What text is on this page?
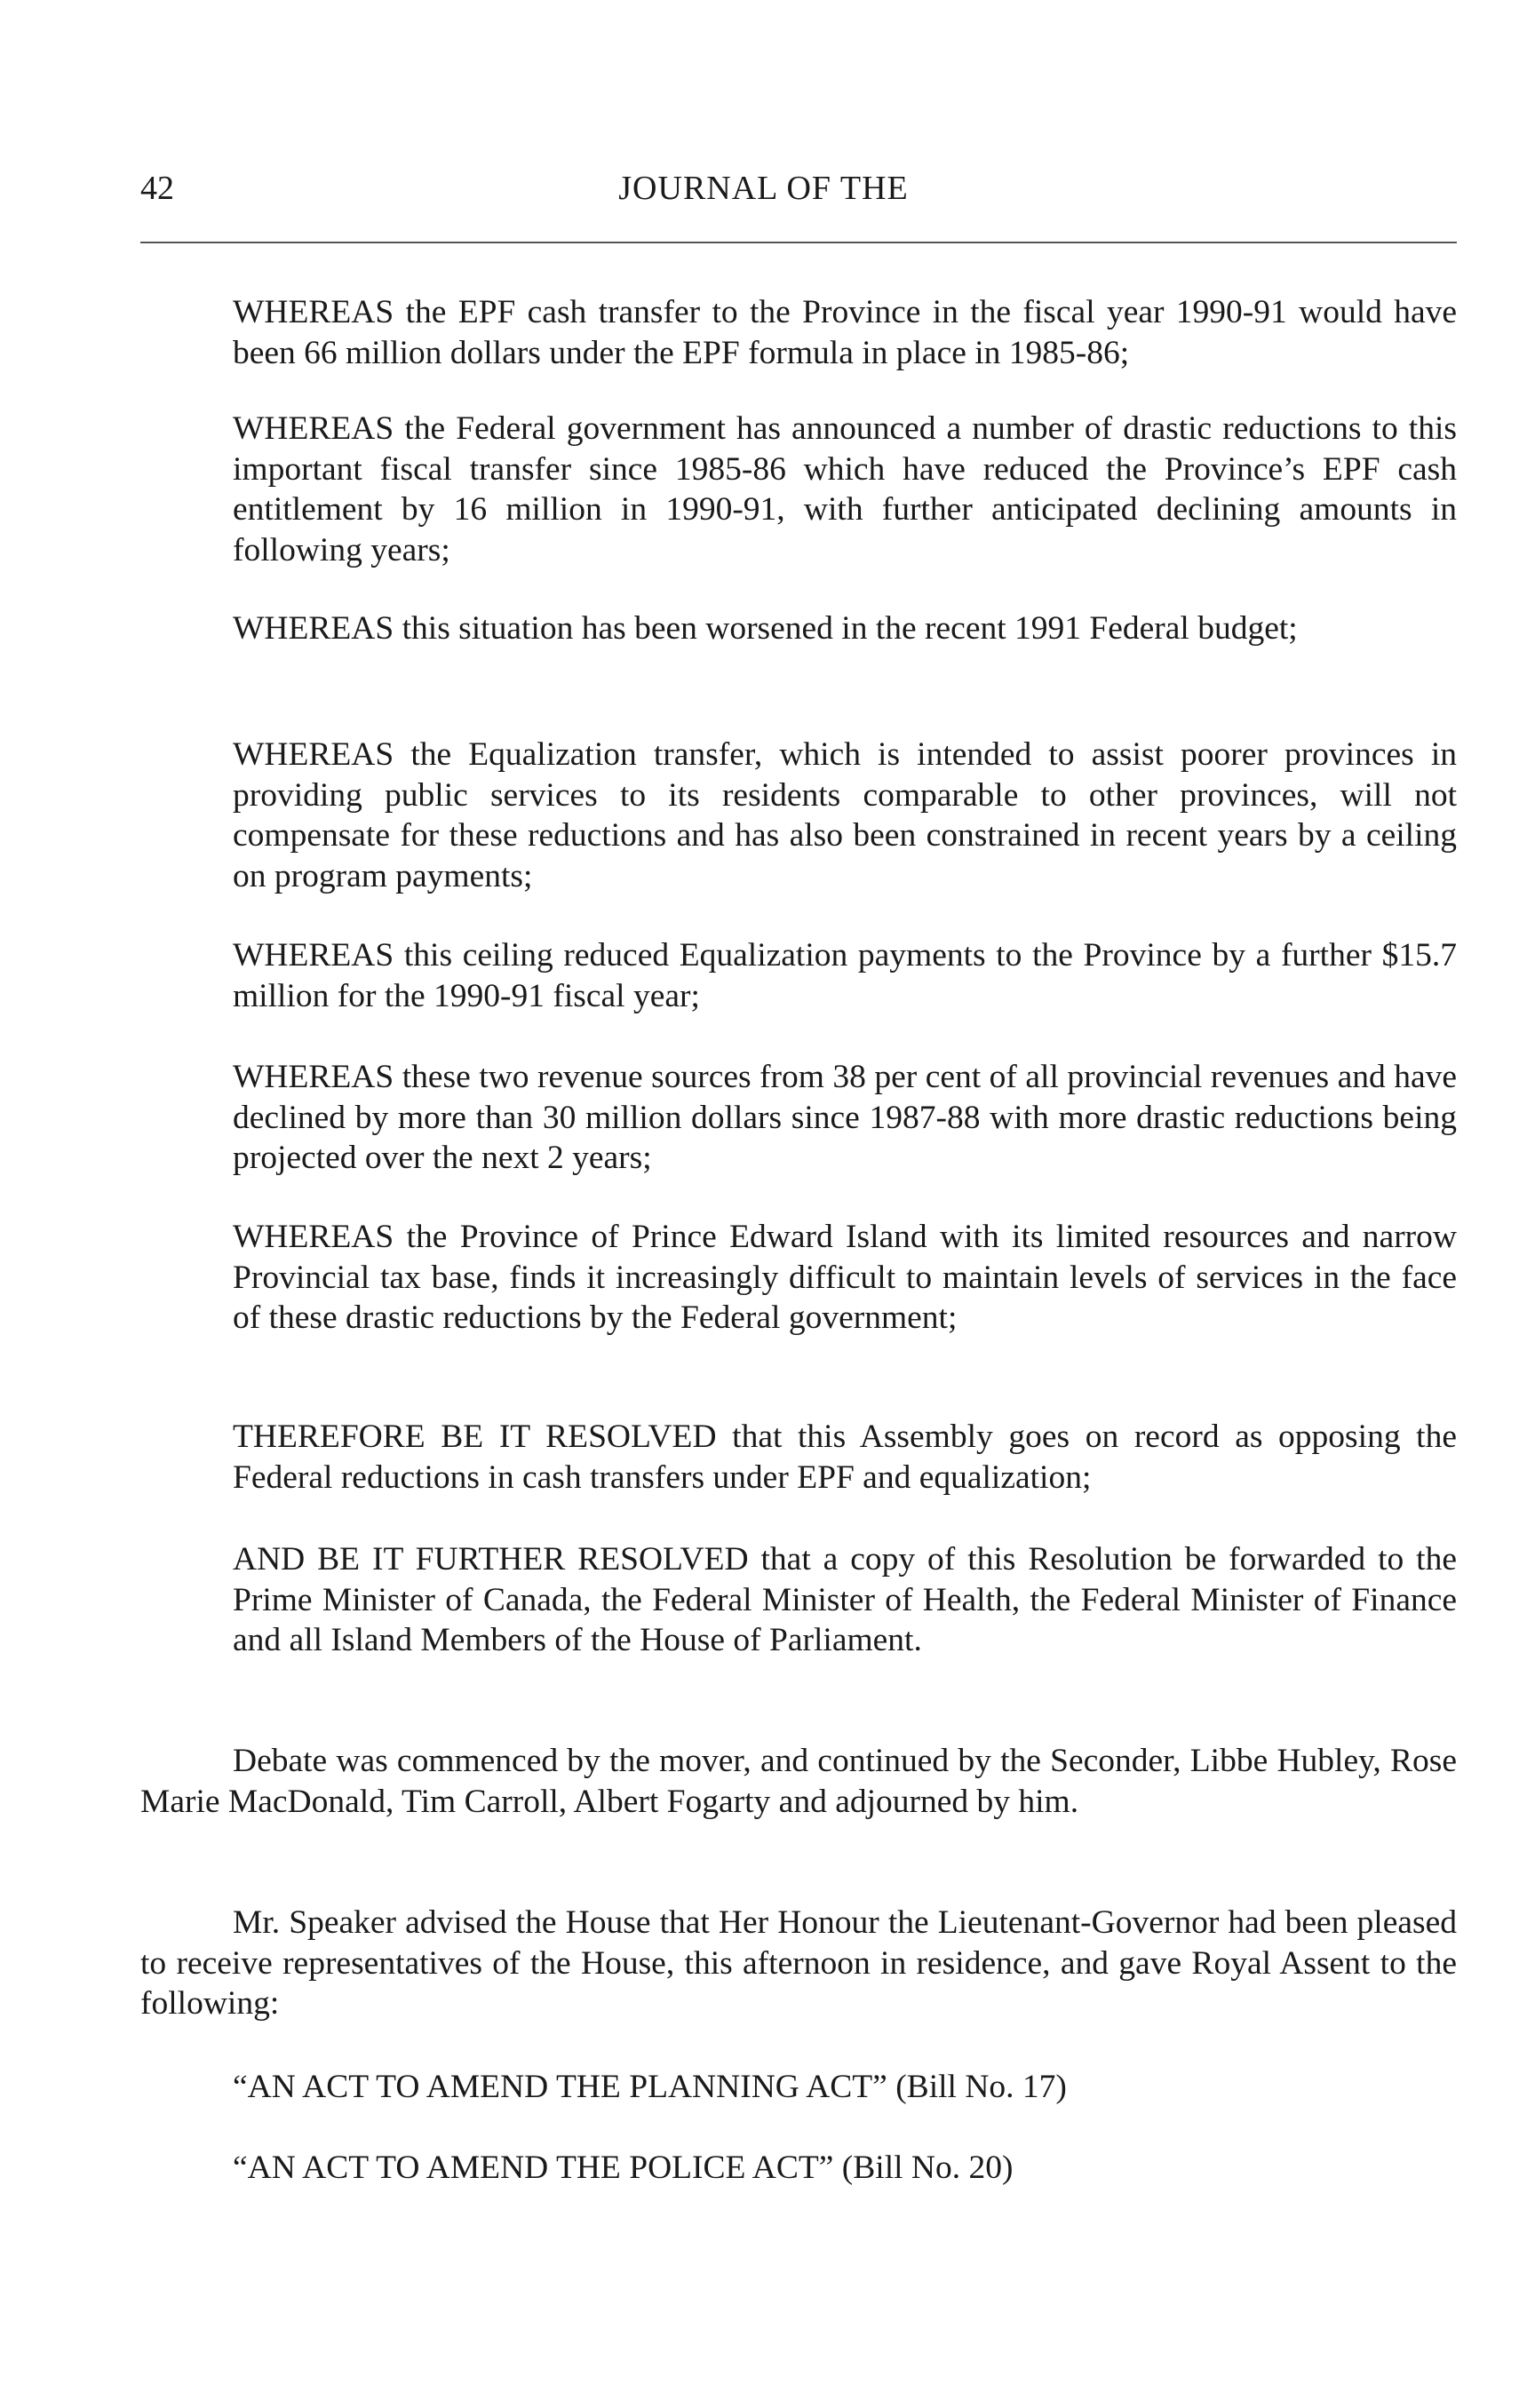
42	JOURNAL OF THE

WHEREAS the EPF cash transfer to the Province in the fiscal year 1990-91 would have been 66 million dollars under the EPF formula in place in 1985-86;

WHEREAS the Federal government has announced a number of drastic reductions to this important fiscal transfer since 1985-86 which have reduced the Province’s EPF cash entitlement by 16 million in 1990-91, with further anticipated declining amounts in following years;

WHEREAS this situation has been worsened in the recent 1991 Federal budget;

WHEREAS the Equalization transfer, which is intended to assist poorer provinces in providing public services to its residents comparable to other provinces, will not compensate for these reductions and has also been constrained in recent years by a ceiling on program payments;

WHEREAS this ceiling reduced Equalization payments to the Province by a further $15.7 million for the 1990-91 fiscal year;

WHEREAS these two revenue sources from 38 per cent of all provincial revenues and have declined by more than 30 million dollars since 1987-88 with more drastic reductions being projected over the next 2 years;

WHEREAS the Province of Prince Edward Island with its limited resources and narrow Provincial tax base, finds it increasingly difficult to maintain levels of services in the face of these drastic reductions by the Federal government;

THEREFORE BE IT RESOLVED that this Assembly goes on record as opposing the Federal reductions in cash transfers under EPF and equalization;

AND BE IT FURTHER RESOLVED that a copy of this Resolution be forwarded to the Prime Minister of Canada, the Federal Minister of Health, the Federal Minister of Finance and all Island Members of the House of Parliament.

Debate was commenced by the mover, and continued by the Seconder, Libbe Hubley, Rose Marie MacDonald, Tim Carroll, Albert Fogarty and adjourned by him.

Mr. Speaker advised the House that Her Honour the Lieutenant-Governor had been pleased to receive representatives of the House, this afternoon in residence, and gave Royal Assent to the following:

“AN ACT TO AMEND THE PLANNING ACT” (Bill No. 17)

“AN ACT TO AMEND THE POLICE ACT” (Bill No. 20)
